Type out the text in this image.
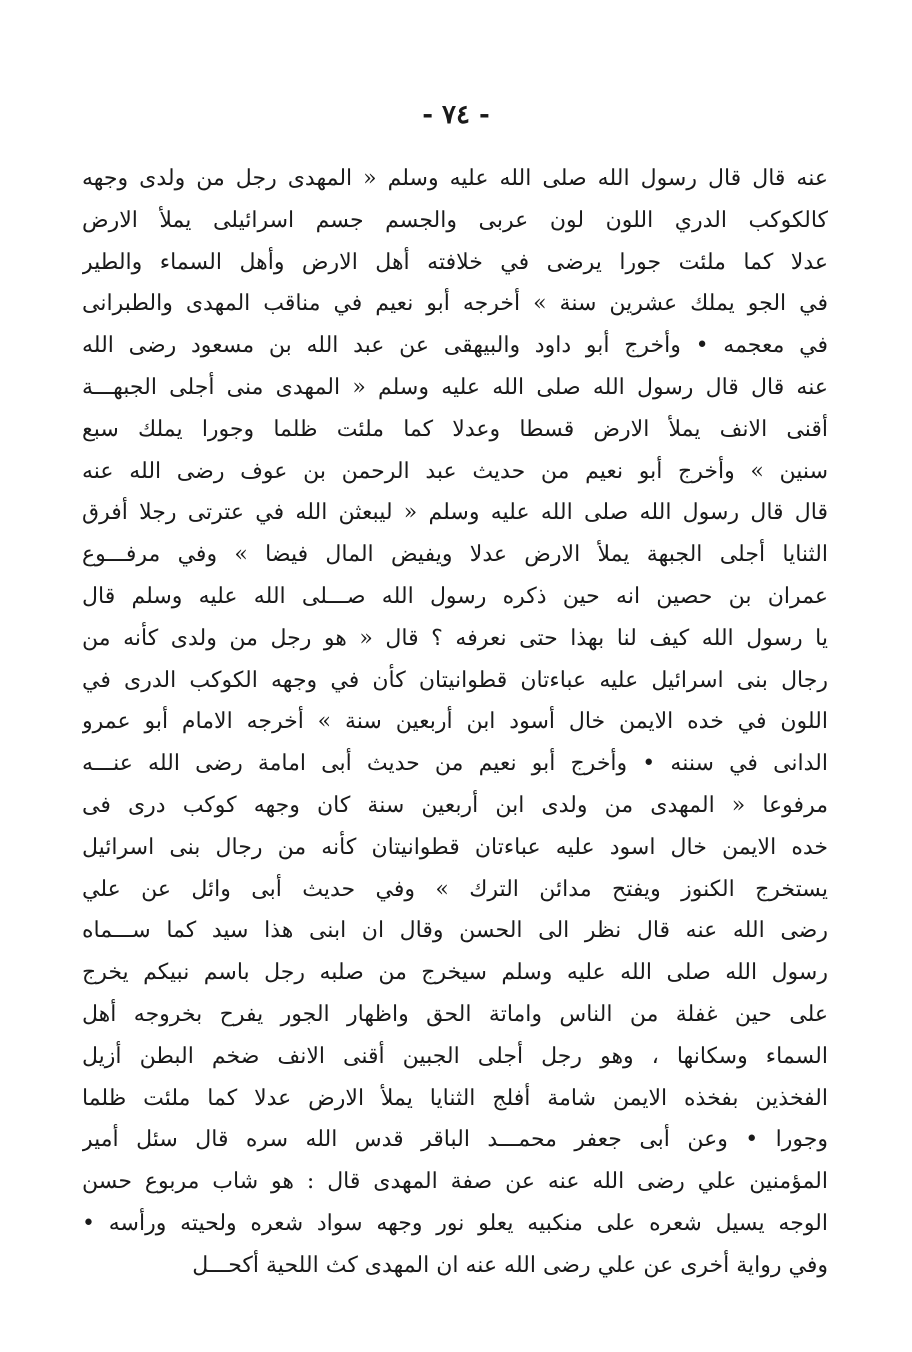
- ٧٤ -
عنه قال قال رسول الله صلى الله عليه وسلم « المهدى رجل من ولدى وجهه
كالكوكب الدري اللون لون عربى والجسم جسم اسرائيلى يملأ الارض
عدلا كما ملئت جورا يرضى في خلافته أهل الارض وأهل السماء والطير
في الجو يملك عشرين سنة » أخرجه أبو نعيم في مناقب المهدى والطبرانى
في معجمه • وأخرج أبو داود والبيهقى عن عبد الله بن مسعود رضى الله
عنه قال قال رسول الله صلى الله عليه وسلم « المهدى منى أجلى الجبهـــة
أقنى الانف يملأ الارض قسطا وعدلا كما ملئت ظلما وجورا يملك سبع
سنين » وأخرج أبو نعيم من حديث عبد الرحمن بن عوف رضى الله عنه
قال قال رسول الله صلى الله عليه وسلم « ليبعثن الله في عترتى رجلا أفرق
الثنايا أجلى الجبهة يملأ الارض عدلا ويفيض المال فيضا » وفي مرفـــوع
عمران بن حصين انه حين ذكره رسول الله صـــلى الله عليه وسلم قال
يا رسول الله كيف لنا بهذا حتى نعرفه ؟ قال « هو رجل من ولدى كأنه من
رجال بنى اسرائيل عليه عباءتان قطوانيتان كأن في وجهه الكوكب الدرى في
اللون في خده الايمن خال أسود ابن أربعين سنة » أخرجه الامام أبو عمرو
الدانى في سننه • وأخرج أبو نعيم من حديث أبى امامة رضى الله عنـــه
مرفوعا « المهدى من ولدى ابن أربعين سنة كان وجهه كوكب درى فى
خده الايمن خال اسود عليه عباءتان قطوانيتان كأنه من رجال بنى اسرائيل
يستخرج الكنوز ويفتح مدائن الترك » وفي حديث أبى وائل عن علي
رضى الله عنه قال نظر الى الحسن وقال ان ابنى هذا سيد كما ســـماه
رسول الله صلى الله عليه وسلم سيخرج من صلبه رجل باسم نبيكم يخرج
على حين غفلة من الناس واماتة الحق واظهار الجور يفرح بخروجه أهل
السماء وسكانها ، وهو رجل أجلى الجبين أقنى الانف ضخم البطن أزيل
الفخذين بفخذه الايمن شامة أفلج الثنايا يملأ الارض عدلا كما ملئت ظلما
وجورا • وعن أبى جعفر محمـــد الباقر قدس الله سره قال سئل أمير
المؤمنين علي رضى الله عنه عن صفة المهدى قال : هو شاب مربوع حسن
الوجه يسيل شعره على منكبيه يعلو نور وجهه سواد شعره ولحيته ورأسه •
وفي رواية أخرى عن علي رضى الله عنه ان المهدى كث اللحية أكحـــل
